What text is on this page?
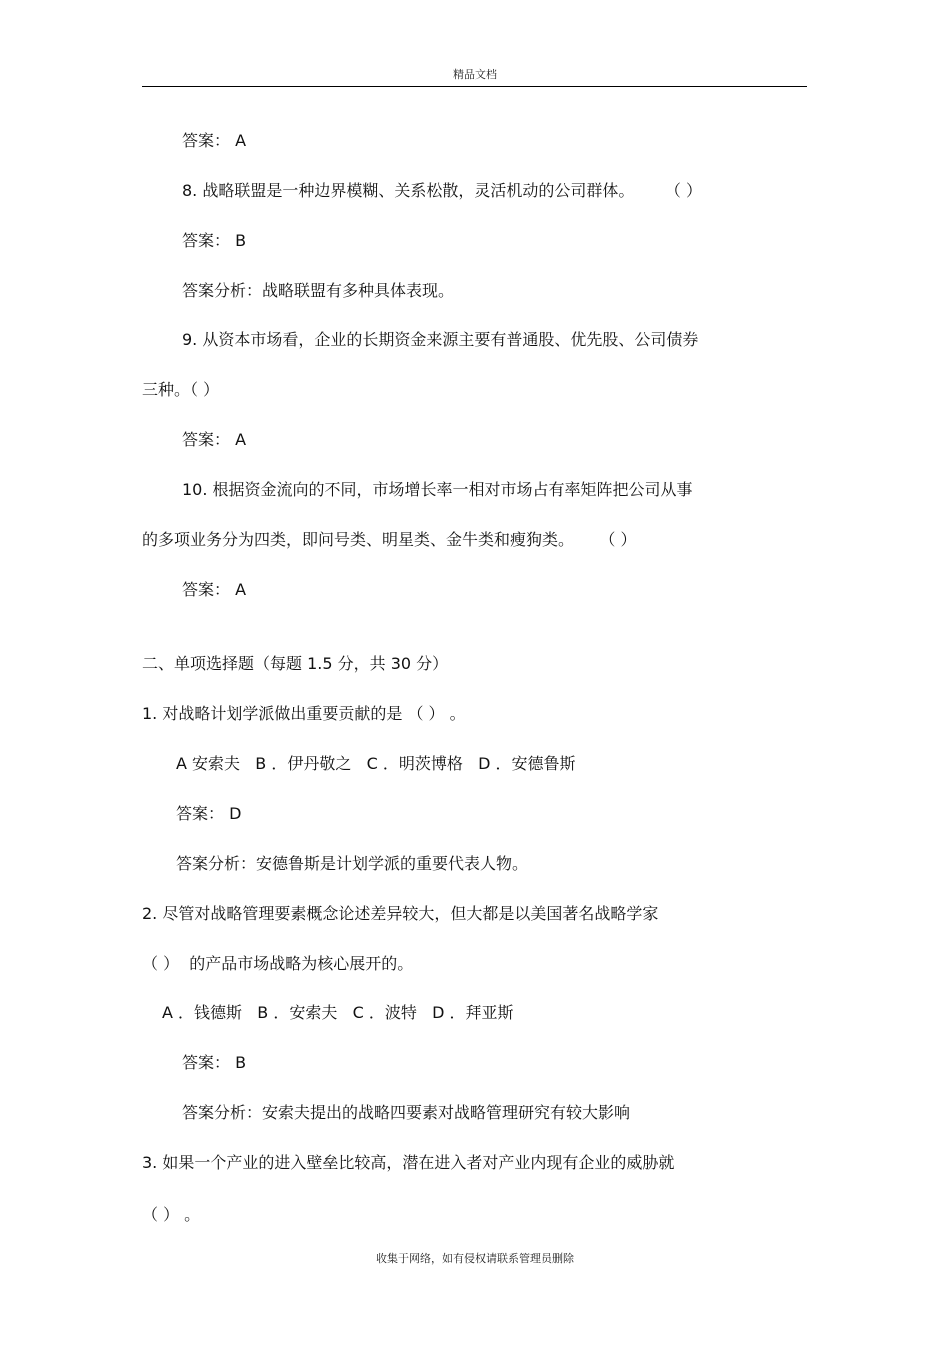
精品文档
答案： A
8. 战略联盟是一种边界模糊、关系松散，灵活机动的公司群体。      （ ）
答案： B
答案分析：战略联盟有多种具体表现。
9. 从资本市场看，企业的长期资金来源主要有普通股、优先股、公司债券
三种。（ ）
答案： A
10. 根据资金流向的不同，市场增长率一相对市场占有率矩阵把公司从事
的多项业务分为四类，即问号类、明星类、金牛类和瘦狗类。     （ ）
答案： A
二、单项选择题（每题 1.5 分，共 30 分）
1. 对战略计划学派做出重要贡献的是 （ ） 。
A 安索夫   B ．伊丹敬之   C ．明茨博格   D ．安德鲁斯
答案： D
答案分析：安德鲁斯是计划学派的重要代表人物。
2. 尽管对战略管理要素概念论述差异较大，但大都是以美国著名战略学家
（ ）  的产品市场战略为核心展开的。
A ．钱德斯   B ．安索夫   C ．波特   D ．拜亚斯
答案： B
答案分析：安索夫提出的战略四要素对战略管理研究有较大影响
3. 如果一个产业的进入壁垒比较高，潜在进入者对产业内现有企业的威胁就
（ ） 。
收集于网络，如有侵权请联系管理员删除
